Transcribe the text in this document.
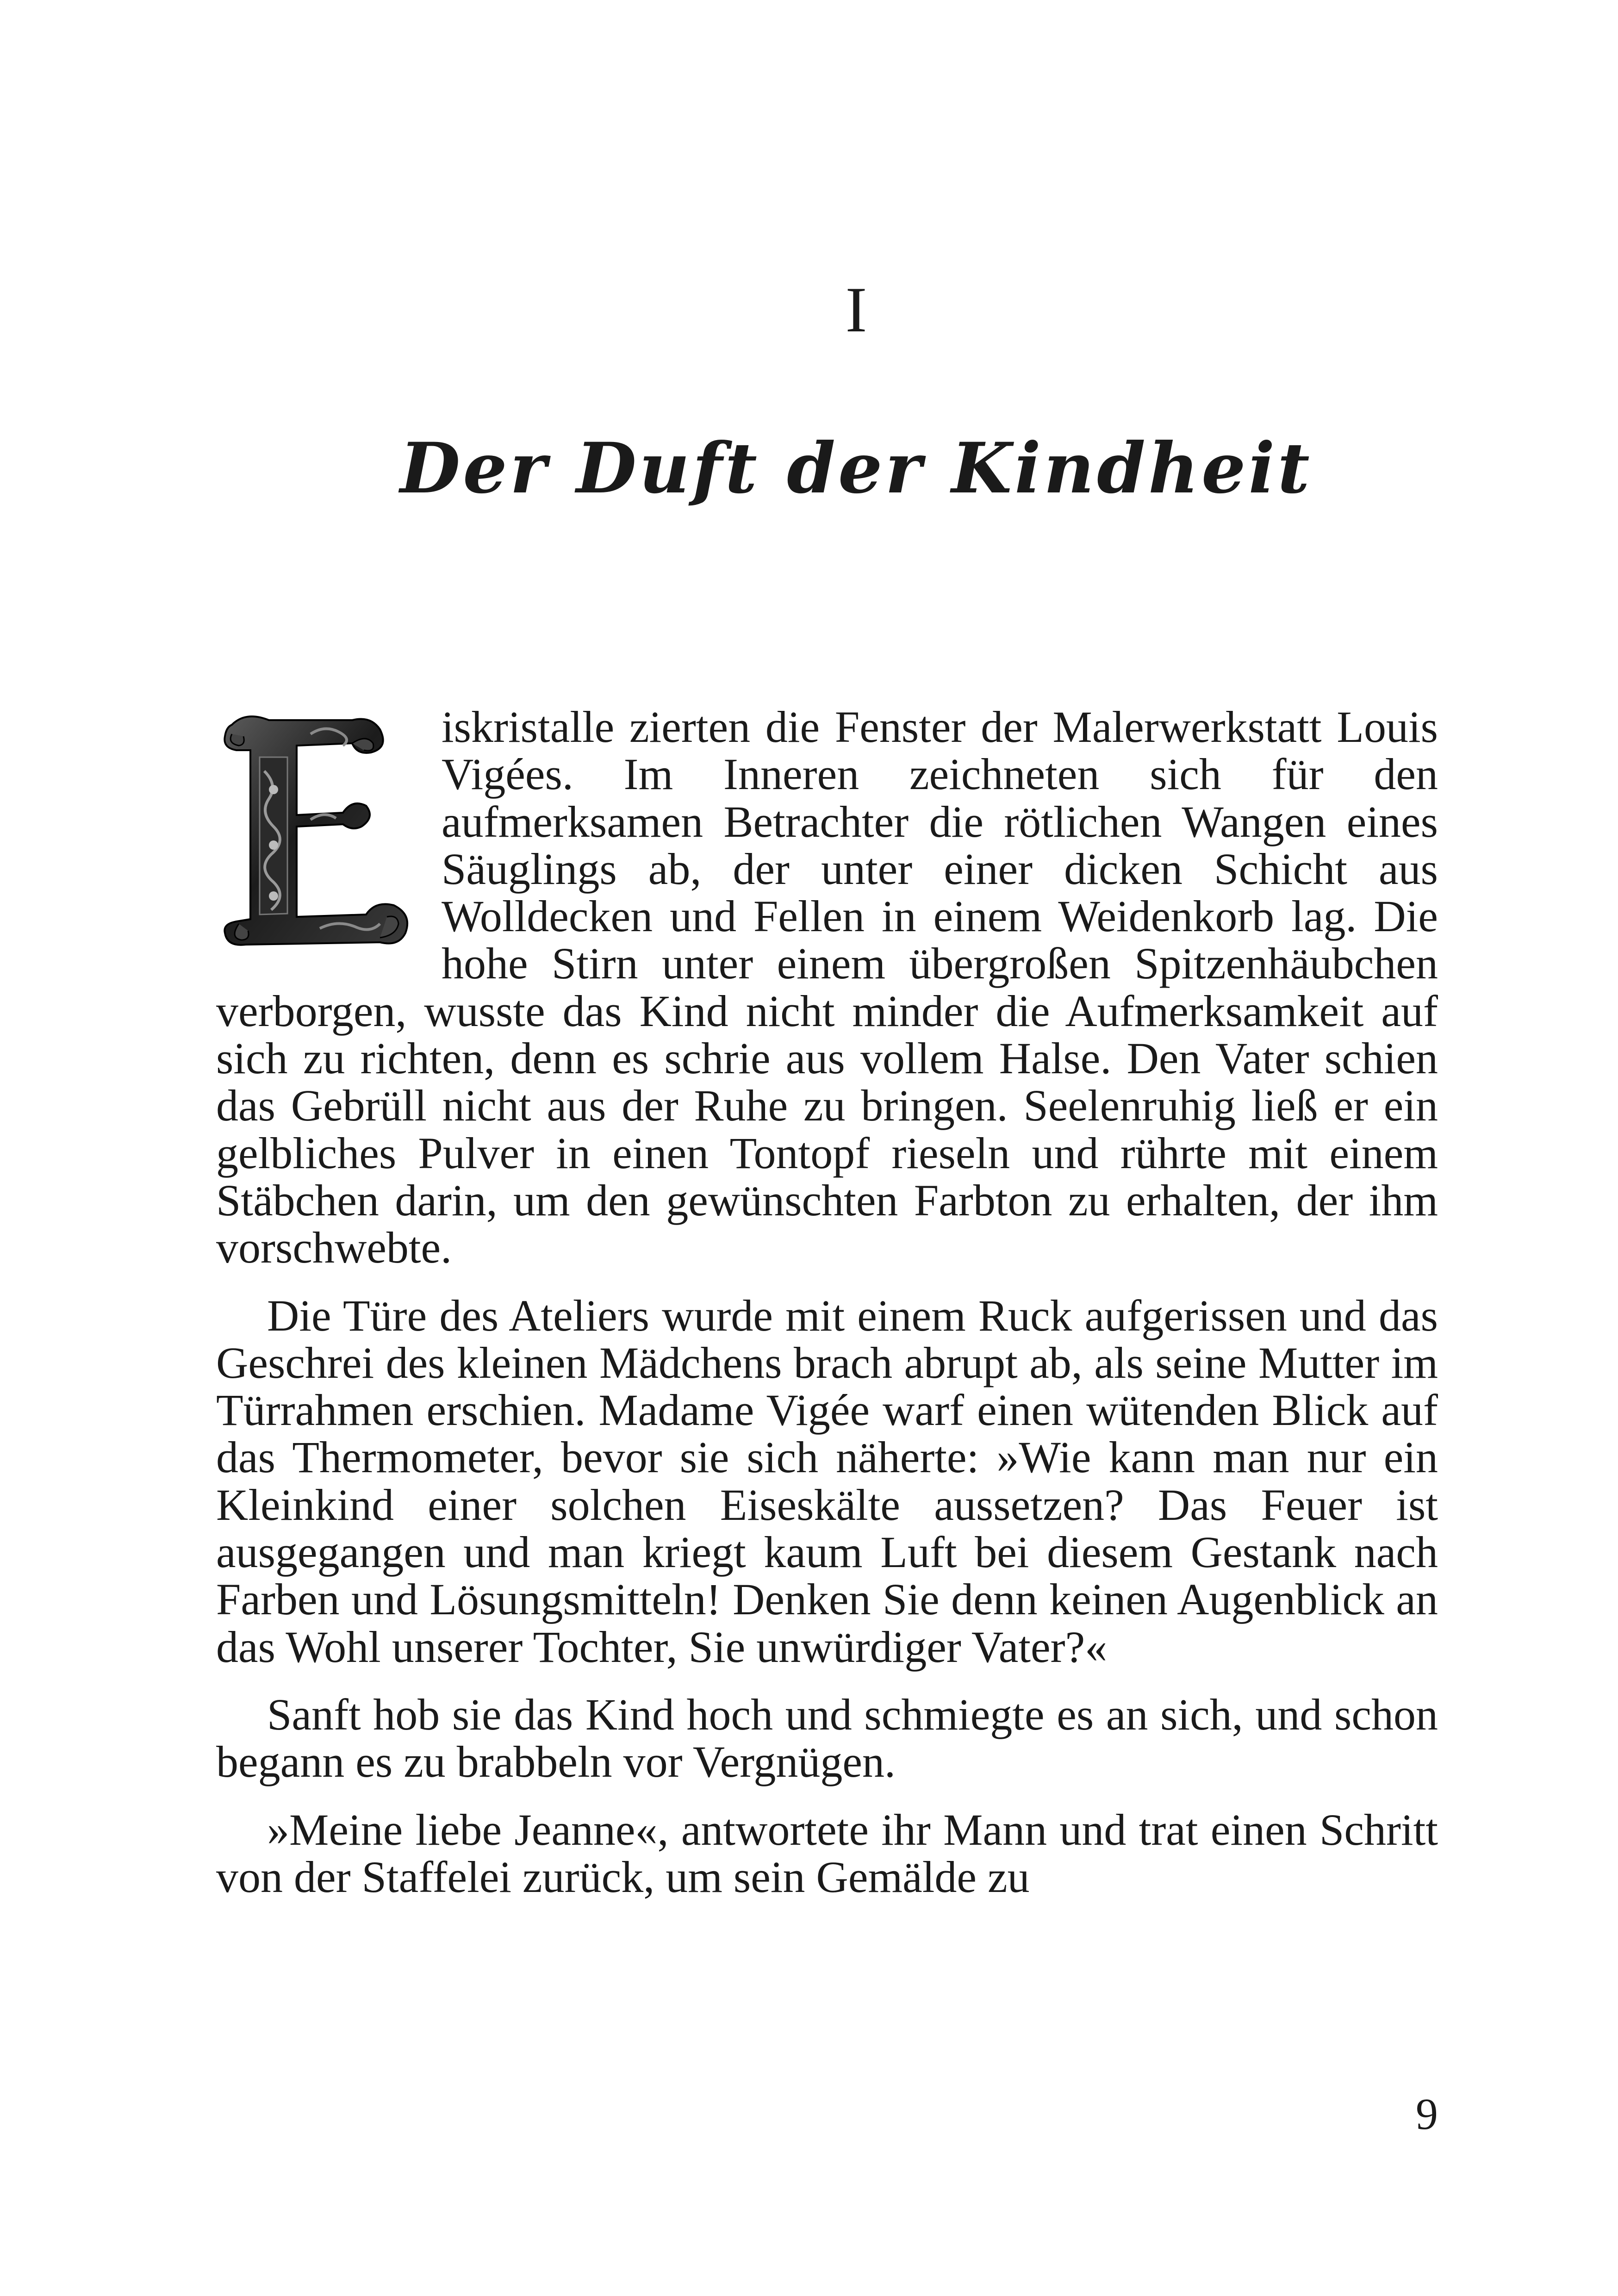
I
Der Duft der Kindheit

iskristalle zierten die Fenster der Malerwerkstatt Louis Vigées. Im Inneren zeichneten sich für den aufmerksamen Betrachter die rötlichen Wangen eines Säuglings ab, der unter einer dicken Schicht aus Wolldecken und Fellen in einem Weidenkorb lag. Die hohe Stirn unter einem übergroßen Spitzenhäubchen verborgen, wusste das Kind nicht minder die Aufmerksamkeit auf sich zu richten, denn es schrie aus vollem Halse. Den Vater schien das Gebrüll nicht aus der Ruhe zu bringen. Seelenruhig ließ er ein gelbliches Pulver in einen Tontopf rieseln und rührte mit einem Stäbchen darin, um den gewünschten Farbton zu erhalten, der ihm vorschwebte.

Die Türe des Ateliers wurde mit einem Ruck aufgerissen und das Geschrei des kleinen Mädchens brach abrupt ab, als seine Mutter im Türrahmen erschien. Madame Vigée warf einen wütenden Blick auf das Thermometer, bevor sie sich näherte: »Wie kann man nur ein Kleinkind einer solchen Eiseskälte aussetzen? Das Feuer ist ausgegangen und man kriegt kaum Luft bei diesem Gestank nach Farben und Lösungsmitteln! Denken Sie denn keinen Augenblick an das Wohl unserer Tochter, Sie unwürdiger Vater?«

Sanft hob sie das Kind hoch und schmiegte es an sich, und schon begann es zu brabbeln vor Vergnügen.

»Meine liebe Jeanne«, antwortete ihr Mann und trat einen Schritt von der Staffelei zurück, um sein Gemälde zu

9
